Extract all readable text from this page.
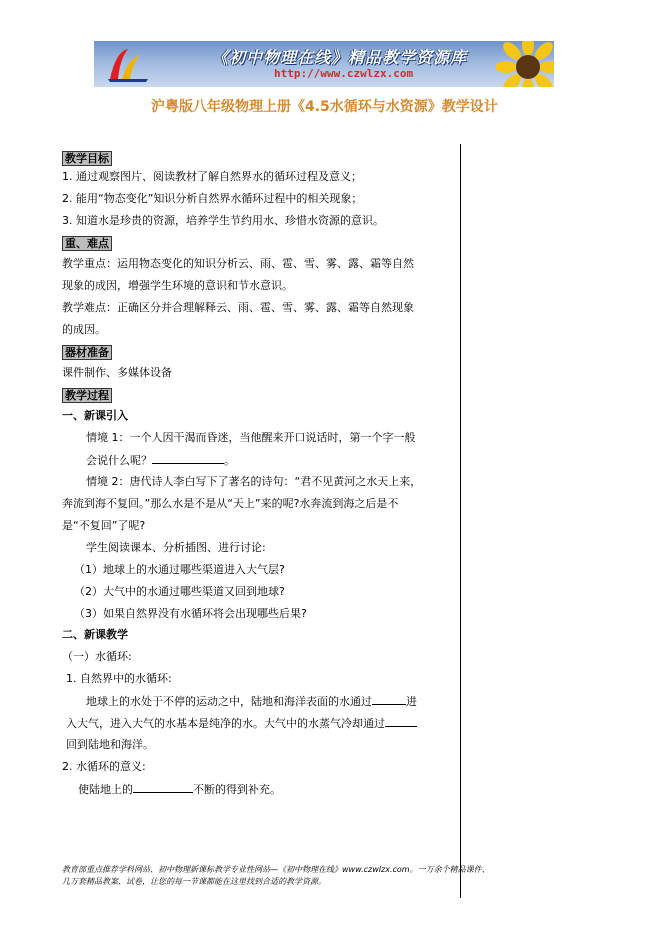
《初中物理在线》精品教学资源库
http://www.czwlzx.com
沪粤版八年级物理上册《4.5水循环与水资源》教学设计
教学目标
1. 通过观察图片、阅读教材了解自然界水的循环过程及意义；
2. 能用“物态变化”知识分析自然界水循环过程中的相关现象；
3. 知道水是珍贵的资源，培养学生节约用水、珍惜水资源的意识。
重、难点
教学重点：运用物态变化的知识分析云、雨、雹、雪、雾、露、霜等自然
现象的成因，增强学生环境的意识和节水意识。
教学难点：正确区分并合理解释云、雨、雹、雪、雾、露、霜等自然现象
的成因。
器材准备
课件制作、多媒体设备
教学过程
一、新课引入
情境 1：一个人因干渴而昏迷，当他醒来开口说话时，第一个字一般
会说什么呢？	。
情境 2：唐代诗人李白写下了著名的诗句：“君不见黄河之水天上来，
奔流到海不复回。”那么水是不是从“天上”来的呢?水奔流到海之后是不
是“不复回”了呢?
学生阅读课本、分析插图、进行讨论:
（1）地球上的水通过哪些渠道进入大气层?
（2）大气中的水通过哪些渠道又回到地球?
（3）如果自然界没有水循环将会出现哪些后果?
二、新课教学
（一）水循环:
1. 自然界中的水循环:
地球上的水处于不停的运动之中，陆地和海洋表面的水通过	进
入大气，进入大气的水基本是纯净的水。大气中的水蒸气冷却通过
回到陆地和海洋。
2. 水循环的意义:
使陆地上的	不断的得到补充。
教育部重点推荐学科网站、初中物理新课标教学专业性网站—《初中物理在线》www.czwlzx.com。一万余个精品课件、
几万套精品教案、试卷，让您的每一节课都能在这里找到合适的教学资源。
